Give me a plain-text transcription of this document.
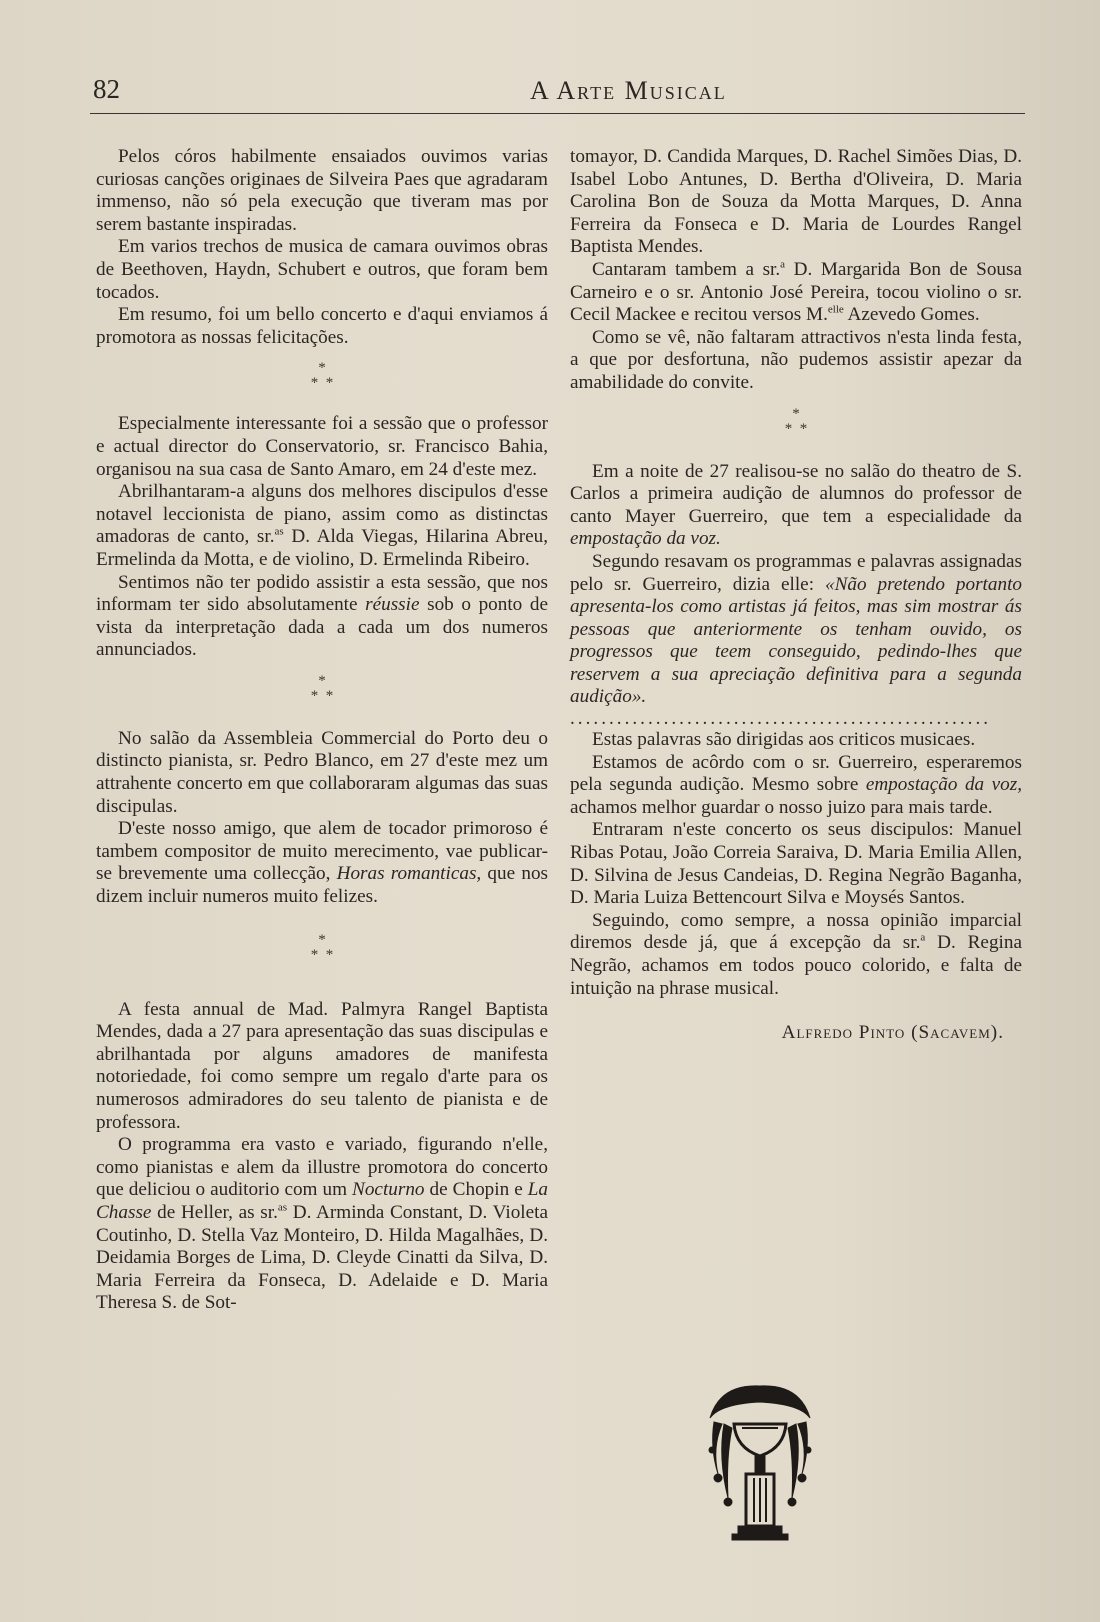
82	A Arte Musical

Pelos córos habilmente ensaiados ouvimos varias curiosas canções originaes de Silveira Paes que agradaram immenso, não só pela execução que tiveram mas por serem bastante inspiradas.

Em varios trechos de musica de camara ouvimos obras de Beethoven, Haydn, Schubert e outros, que foram bem tocados.

Em resumo, foi um bello concerto e d'aqui enviamos á promotora as nossas felicitações.

*
*  *

Especialmente interessante foi a sessão que o professor e actual director do Conservatorio, sr. Francisco Bahia, organisou na sua casa de Santo Amaro, em 24 d'este mez.

Abrilhantaram-a alguns dos melhores discipulos d'esse notavel leccionista de piano, assim como as distinctas amadoras de canto, sr.$^{as}$ D. Alda Viegas, Hilarina Abreu, Ermelinda da Motta, e de violino, D. Ermelinda Ribeiro.

Sentimos não ter podido assistir a esta sessão, que nos informam ter sido absolutamente réussie sob o ponto de vista da interpretação dada a cada um dos numeros annunciados.

*
*  *

No salão da Assembleia Commercial do Porto deu o distincto pianista, sr. Pedro Blanco, em 27 d'este mez um attrahente concerto em que collaboraram algumas das suas discipulas.

D'este nosso amigo, que alem de tocador primoroso é tambem compositor de muito merecimento, vae publicar-se brevemente uma collecção, Horas romanticas, que nos dizem incluir numeros muito felizes.

*
*  *

A festa annual de Mad. Palmyra Rangel Baptista Mendes, dada a 27 para apresentação das suas discipulas e abrilhantada por alguns amadores de manifesta notoriedade, foi como sempre um regalo d'arte para os numerosos admiradores do seu talento de pianista e de professora.

O programma era vasto e variado, figurando n'elle, como pianistas e alem da illustre promotora do concerto que deliciou o auditorio com um Nocturno de Chopin e La Chasse de Heller, as sr.$^{as}$ D. Arminda Constant, D. Violeta Coutinho, D. Stella Vaz Monteiro, D. Hilda Magalhães, D. Deidamia Borges de Lima, D. Cleyde Cinatti da Silva, D. Maria Ferreira da Fonseca, D. Adelaide e D. Maria Theresa S. de Sot-

tomayor, D. Candida Marques, D. Rachel Simões Dias, D. Isabel Lobo Antunes, D. Bertha d'Oliveira, D. Maria Carolina Bon de Souza da Motta Marques, D. Anna Ferreira da Fonseca e D. Maria de Lourdes Rangel Baptista Mendes.

Cantaram tambem a sr.$^a$ D. Margarida Bon de Sousa Carneiro e o sr. Antonio José Pereira, tocou violino o sr. Cecil Mackee e recitou versos M.$^{elle}$ Azevedo Gomes.

Como se vê, não faltaram attractivos n'esta linda festa, a que por desfortuna, não pudemos assistir apezar da amabilidade do convite.

*
*  *

Em a noite de 27 realisou-se no salão do theatro de S. Carlos a primeira audição de alumnos do professor de canto Mayer Guerreiro, que tem a especialidade da empostação da voz.

Segundo resavam os programmas e palavras assignadas pelo sr. Guerreiro, dizia elle: «Não pretendo portanto apresenta-los como artistas já feitos, mas sim mostrar ás pessoas que anteriormente os tenham ouvido, os progressos que teem conseguido, pedindo-lhes que reservem a sua apreciação definitiva para a segunda audição».

......................................................

Estas palavras são dirigidas aos criticos musicaes.

Estamos de acôrdo com o sr. Guerreiro, esperaremos pela segunda audição. Mesmo sobre empostação da voz, achamos melhor guardar o nosso juizo para mais tarde.

Entraram n'este concerto os seus discipulos: Manuel Ribas Potau, João Correia Saraiva, D. Maria Emilia Allen, D. Silvina de Jesus Candeias, D. Regina Negrão Baganha, D. Maria Luiza Bettencourt Silva e Moysés Santos.

Seguindo, como sempre, a nossa opinião imparcial diremos desde já, que á excepção da sr.$^a$ D. Regina Negrão, achamos em todos pouco colorido, e falta de intuição na phrase musical.

Alfredo Pinto (Sacavem).
